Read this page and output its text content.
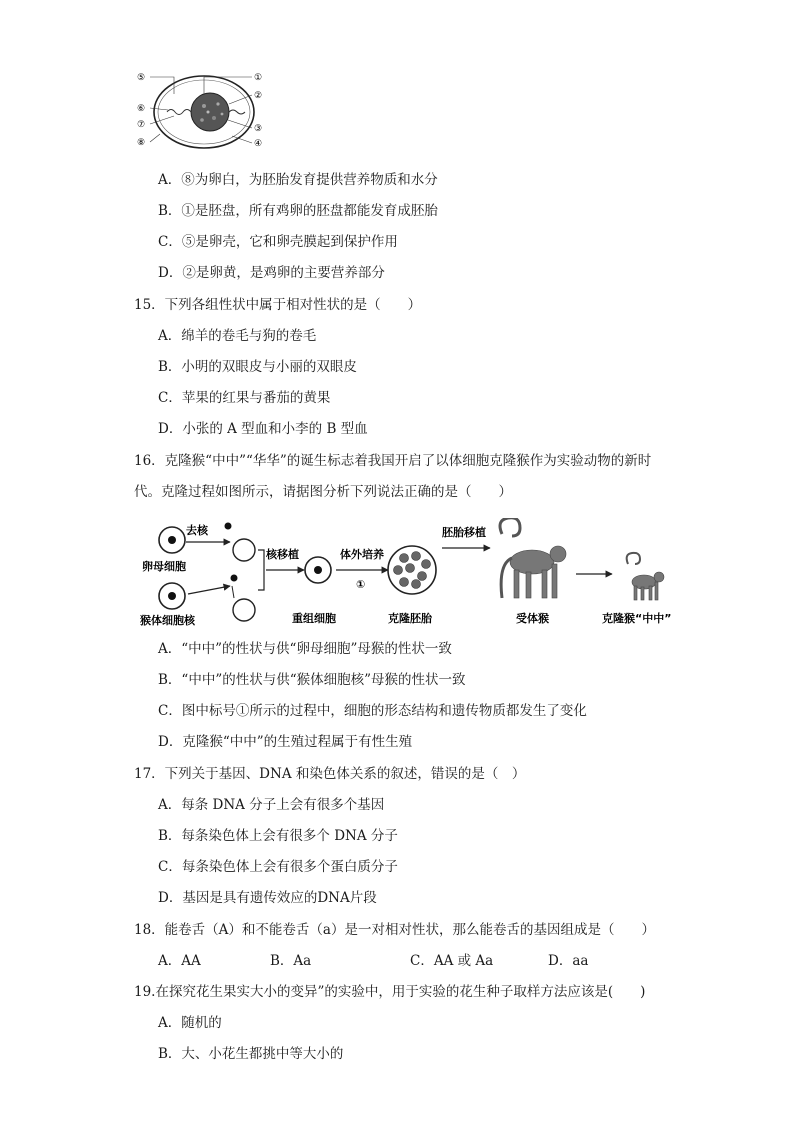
⑤
⑥
⑦
⑧
①
②
③
④
A．⑧为卵白，为胚胎发育提供营养物质和水分
B．①是胚盘，所有鸡卵的胚盘都能发育成胚胎
C．⑤是卵壳，它和卵壳膜起到保护作用
D．②是卵黄，是鸡卵的主要营养部分
15．下列各组性状中属于相对性状的是（　　）
A．绵羊的卷毛与狗的卷毛
B．小明的双眼皮与小丽的双眼皮
C．苹果的红果与番茄的黄果
D．小张的 A 型血和小李的 B 型血
16．克隆猴“中中”“华华”的诞生标志着我国开启了以体细胞克隆猴作为实验动物的新时
代。克隆过程如图所示，请据图分析下列说法正确的是（　　）
去核
卵母细胞
猴体细胞核
核移植
重组细胞
体外培养
①
克隆胚胎
胚胎移植
受体猴	克隆猴“中中”
A．“中中”的性状与供“卵母细胞”母猴的性状一致
B．“中中”的性状与供“猴体细胞核”母猴的性状一致
C．图中标号①所示的过程中，细胞的形态结构和遗传物质都发生了变化
D．克隆猴“中中”的生殖过程属于有性生殖
17．下列关于基因、DNA 和染色体关系的叙述，错误的是（　）
A．每条 DNA 分子上会有很多个基因
B．每条染色体上会有很多个 DNA 分子
C．每条染色体上会有很多个蛋白质分子
D．基因是具有遗传效应的DNA片段
18．能卷舌（A）和不能卷舌（a）是一对相对性状，那么能卷舌的基因组成是（　　）
A．AA	B．Aa	C．AA 或 Aa	D．aa
19.在探究花生果实大小的变异”的实验中，用于实验的花生种子取样方法应该是(　　)
A．随机的
B．大、小花生都挑中等大小的
